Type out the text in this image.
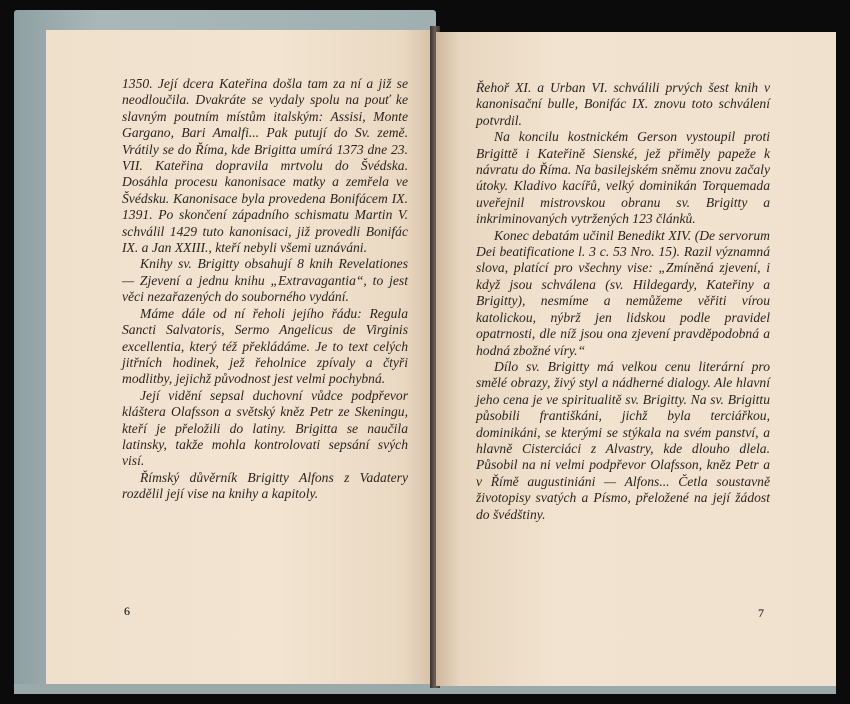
1350. Její dcera Kateřina došla tam za ní a již se neodloučila. Dvakráte se vydaly spolu na pouť ke slavným poutním místům italským: Assisi, Monte Gargano, Bari Amalfi... Pak putují do Sv. země. Vrátily se do Říma, kde Brigitta umírá 1373 dne 23. VII. Kateřina dopravila mrtvolu do Švédska. Dosáhla procesu kanonisace matky a zemřela ve Švédsku. Kanonisace byla provedena Bonifácem IX. 1391. Po skončení západního schismatu Martin V. schválil 1429 tuto kanonisaci, již provedli Bonifác IX. a Jan XXIII., kteří nebyli všemi uznáváni.

Knihy sv. Brigitty obsahují 8 knih Revelationes — Zjevení a jednu knihu „Extravagantia“, to jest věci nezařazených do souborného vydání.

Máme dále od ní řeholi jejího řádu: Regula Sancti Salvatoris, Sermo Angelicus de Virginis excellentia, který též překládáme. Je to text celých jitřních hodinek, jež řeholnice zpívaly a čtyři modlitby, jejichž původnost jest velmi pochybná.

Její vidění sepsal duchovní vůdce podpřevor kláštera Olafsson a světský kněz Petr ze Skeningu, kteří je přeložili do latiny. Brigitta se naučila latinsky, takže mohla kontrolovati sepsání svých visí.

Římský důvěrník Brigitty Alfons z Vadatery rozdělil její vise na knihy a kapitoly.

6

Řehoř XI. a Urban VI. schválili prvých šest knih v kanonisační bulle, Bonifác IX. znovu toto schválení potvrdil.

Na koncilu kostnickém Gerson vystoupil proti Brigittě i Kateřině Sienské, jež přiměly papeže k návratu do Říma. Na basilejském sněmu znovu začaly útoky. Kladivo kacířů, velký dominikán Torquemada uveřejnil mistrovskou obranu sv. Brigitty a inkriminovaných vytržených 123 článků.

Konec debatám učinil Benedikt XIV. (De servorum Dei beatificatione l. 3 c. 53 Nro. 15). Razil významná slova, platící pro všechny vise: „Zmíněná zjevení, i když jsou schválena (sv. Hildegardy, Kateřiny a Brigitty), nesmíme a nemůžeme věřiti vírou katolickou, nýbrž jen lidskou podle pravidel opatrnosti, dle níž jsou ona zjevení pravděpodobná a hodná zbožné víry.“

Dílo sv. Brigitty má velkou cenu literární pro smělé obrazy, živý styl a nádherné dialogy. Ale hlavní jeho cena je ve spiritualitě sv. Brigitty. Na sv. Brigittu působili františkáni, jichž byla terciářkou, dominikáni, se kterými se stýkala na svém panství, a hlavně Cisterciáci z Alvastry, kde dlouho dlela. Působil na ni velmi podpřevor Olafsson, kněz Petr a v Římě augustiniáni — Alfons... Četla soustavně životopisy svatých a Písmo, přeložené na její žádost do švédštiny.

7
